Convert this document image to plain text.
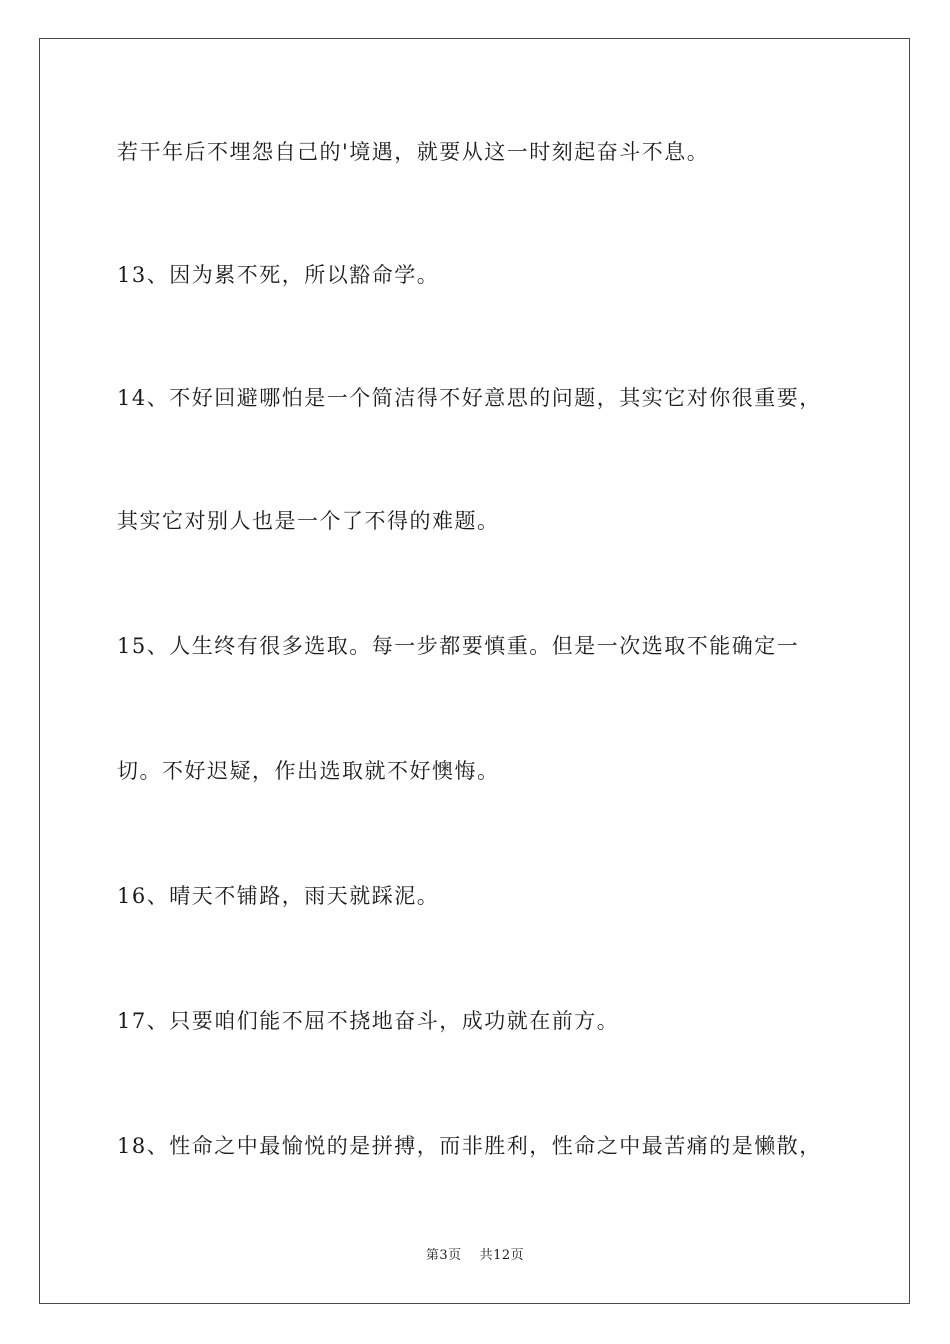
若干年后不埋怨自己的'境遇，就要从这一时刻起奋斗不息。
13、因为累不死，所以豁命学。
14、不好回避哪怕是一个简洁得不好意思的问题，其实它对你很重要，
其实它对别人也是一个了不得的难题。
15、人生终有很多选取。每一步都要慎重。但是一次选取不能确定一
切。不好迟疑，作出选取就不好懊悔。
16、晴天不铺路，雨天就踩泥。
17、只要咱们能不屈不挠地奋斗，成功就在前方。
18、性命之中最愉悦的是拼搏，而非胜利，性命之中最苦痛的是懒散，
第3页 共12页
